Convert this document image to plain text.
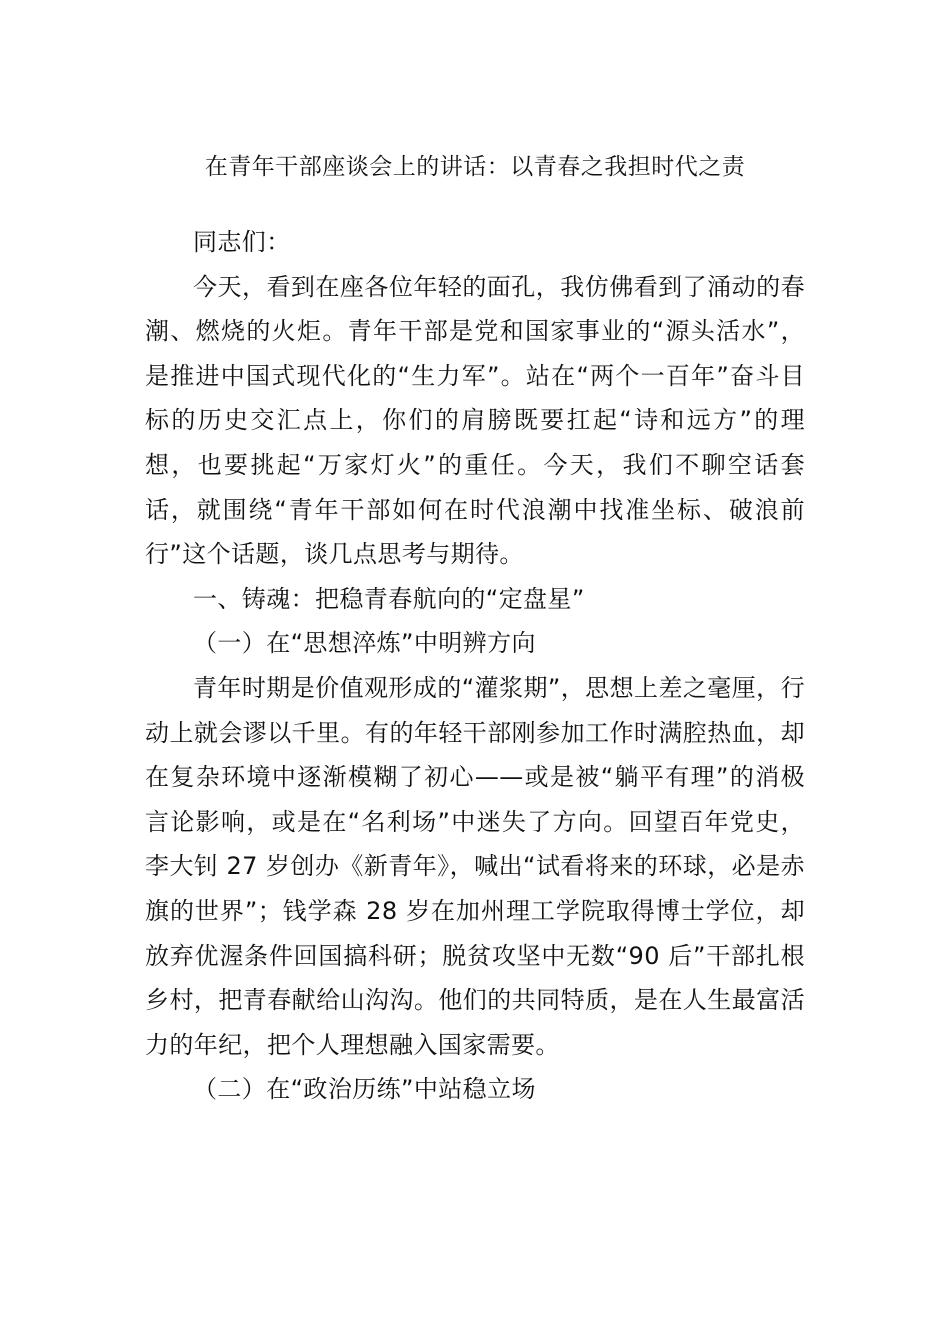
在青年干部座谈会上的讲话：以青春之我担时代之责

同志们：

今天，看到在座各位年轻的面孔，我仿佛看到了涌动的春潮、燃烧的火炬。青年干部是党和国家事业的“源头活水”，是推进中国式现代化的“生力军”。站在“两个一百年”奋斗目标的历史交汇点上，你们的肩膀既要扛起“诗和远方”的理想，也要挑起“万家灯火”的重任。今天，我们不聊空话套话，就围绕“青年干部如何在时代浪潮中找准坐标、破浪前行”这个话题，谈几点思考与期待。

一、铸魂：把稳青春航向的“定盘星”

（一）在“思想淬炼”中明辨方向

青年时期是价值观形成的“灌浆期”，思想上差之毫厘，行动上就会谬以千里。有的年轻干部刚参加工作时满腔热血，却在复杂环境中逐渐模糊了初心——或是被“躺平有理”的消极言论影响，或是在“名利场”中迷失了方向。回望百年党史，李大钊 27 岁创办《新青年》，喊出“试看将来的环球，必是赤旗的世界”；钱学森 28 岁在加州理工学院取得博士学位，却放弃优渥条件回国搞科研；脱贫攻坚中无数“90 后”干部扎根乡村，把青春献给山沟沟。他们的共同特质，是在人生最富活力的年纪，把个人理想融入国家需要。

（二）在“政治历练”中站稳立场
